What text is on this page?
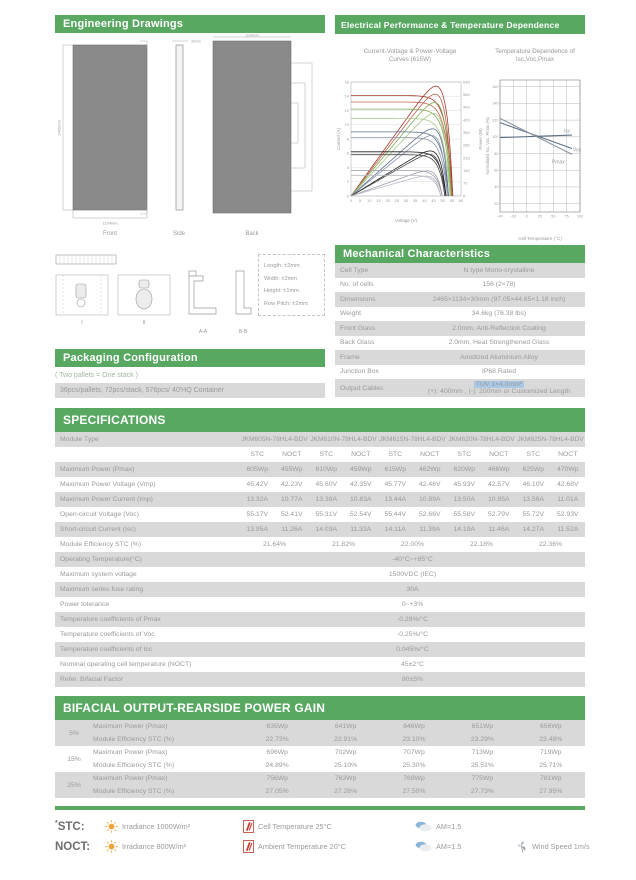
Engineering Drawings
2465mm
1134mm
Front
30mm
Side
1134mm
Back
Electrical Performance & Temperature Dependence
Current-Voltage & Power-Voltage
Curves (615W)
0
2
4
6
8
10
12
14
16
0
70
140
210
280
350
420
490
560
630
0 5 10 15 20 25 30 35 40 45 50 55 60
Current (A)	Power (W)
Voltage (V)
Temperature Dependence of
Isc,Voc,Pmax
-40 -20	0	25 50 75 100
20
40
60
80
100
120
140
160
Isc
Voc
Pmax
Normalized Isc, Voc, Pmax (%)
Cell Temperature (°C)
I	II
A-A	B-B
Length: ±2mm
Width: ±2mm
Height: ±1mm
Row Pitch: ±2mm
Packaging Configuration
( Two pallets = One stack )
36pcs/pallets, 72pcs/stack, 576pcs/ 40'HQ Container
Mechanical Characteristics
Cell Type	N type Mono-crystalline
No. of cells	156 (2×78)
Dimensions	2465×1134×30mm (97.05×44.65×1.18 inch)
Weight	34.6kg (76.38 lbs)
Front Glass	2.0mm, Anti-Reflection Coating
Back Glass	2.0mm, Heat Strengthened Glass
Frame	Anodized Aluminium Alloy
Junction Box	IP68 Rated
Output Cables	TUV 1×4.0mm²
(+): 400mm , (-): 200mm or Customized Length
SPECIFICATIONS
Module Type	JKM605N-78HL4-BDV JKM610N-78HL4-BDV JKM615N-78HL4-BDV JKM620N-78HL4-BDV JKM625N-78HL4-BDV
STC	NOCT	STC	NOCT	STC	NOCT	STC	NOCT	STC	NOCT
Maximum Power (Pmax)	605Wp	455Wp	610Wp	459Wp	615Wp	462Wp	620Wp	466Wp	625Wp	470Wp
Maximum Power Voltage (Vmp)	45.42V	42.23V	45.60V	42.35V	45.77V	42.46V	45.93V	42.57V	46.10V	42.68V
Maximum Power Current (Imp)	13.32A	10.77A	13.38A	10.83A	13.44A	10.89A	13.50A	10.95A	13.56A	11.01A
Open-circuit Voltage (Voc)	55.17V	52.41V	55.31V	52.54V	55.44V	52.66V	55.58V	52.79V	55.72V	52.93V
Short-circuit Current (Isc)	13.95A	11.26A	14.03A	11.33A	14.11A	11.39A	14.19A	11.46A	14.27A	11.52A
Module Efficiency STC (%)	21.64%	21.82%	22.00%	22.18%	22.36%
Operating Temperature(°C)	-40°C~+85°C
Maximum system voltage	1500VDC (IEC)
Maximum series fuse rating	30A
Power tolerance	0~+3%
Temperature coefficients of Pmax	-0.29%/°C
Temperature coefficients of Voc	-0.25%/°C
Temperature coefficients of Isc	0.045%/°C
Nominal operating cell temperature (NOCT)	45±2°C
Refer. Bifacial Factor	80±5%
BIFACIAL OUTPUT-REARSIDE POWER GAIN
5%
Maximum Power (Pmax)	635Wp	641Wp	646Wp	651Wp	656Wp
Module Efficiency STC (%)	22.73%	22.91%	23.10%	23.29%	23.48%
15%
Maximum Power (Pmax)	696Wp	702Wp	707Wp	713Wp	719Wp
Module Efficiency STC (%)	24.89%	25.10%	25.30%	25.51%	25.71%
25%
Maximum Power (Pmax)	756Wp	763Wp	769Wp	775Wp	781Wp
Module Efficiency STC (%)	27.05%	27.28%	27.50%	27.73%	27.95%
*STC:	Irradiance 1000W/m²	Cell Temperature 25°C	AM=1.5
NOCT:	Irradiance 800W/m²	Ambient Temperature 20°C	AM=1.5	Wind Speed 1m/s
